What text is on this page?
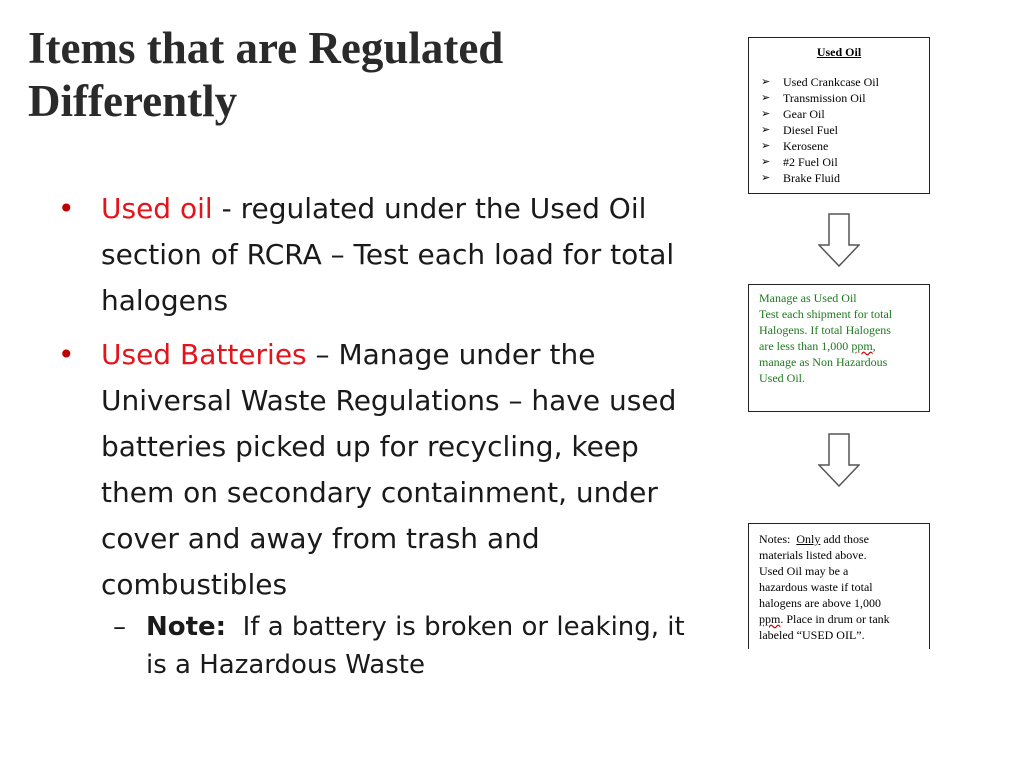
Items that are Regulated Differently
• Used oil - regulated under the Used Oil section of RCRA – Test each load for total halogens
• Used Batteries – Manage under the Universal Waste Regulations – have used batteries picked up for recycling, keep them on secondary containment, under cover and away from trash and combustibles
– Note:  If a battery is broken or leaking, it is a Hazardous Waste
Used Oil
➢ Used Crankcase Oil
➢ Transmission Oil
➢ Gear Oil
➢ Diesel Fuel
➢ Kerosene
➢ #2 Fuel Oil
➢ Brake Fluid
Manage as Used Oil
Test each shipment for total
Halogens. If total Halogens
are less than 1,000 ppm,
manage as Non Hazardous
Used Oil.
Notes:  Only add those
materials listed above.
Used Oil may be a
hazardous waste if total
halogens are above 1,000
ppm. Place in drum or tank
labeled “USED OIL”.
